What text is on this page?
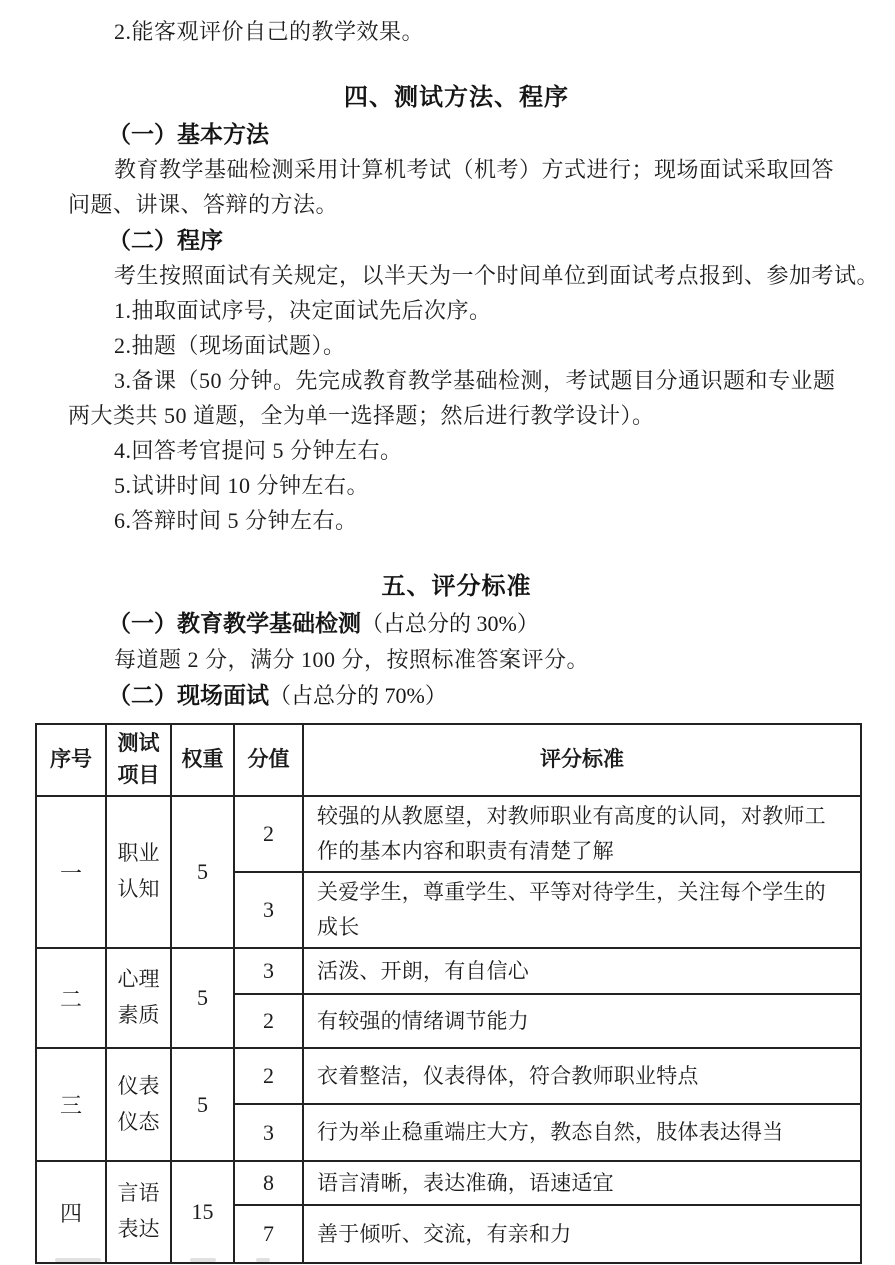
2.能客观评价自己的教学效果。

四、测试方法、程序
（一）基本方法

教育教学基础检测采用计算机考试（机考）方式进行；现场面试采取回答问题、讲课、答辩的方法。

（二）程序

考生按照面试有关规定，以半天为一个时间单位到面试考点报到、参加考试。

1.抽取面试序号，决定面试先后次序。

2.抽题（现场面试题）。

3.备课（50 分钟。先完成教育教学基础检测，考试题目分通识题和专业题两大类共 50 道题，全为单一选择题；然后进行教学设计）。

4.回答考官提问 5 分钟左右。

5.试讲时间 10 分钟左右。

6.答辩时间 5 分钟左右。

五、评分标准
（一）教育教学基础检测（占总分的 30%）

每道题 2 分，满分 100 分，按照标准答案评分。

（二）现场面试（占总分的 70%）
序号	测试项目	权重	分值	评分标准
一	职业认知	5	2	较强的从教愿望，对教师职业有高度的认同，对教师工作的基本内容和职责有清楚了解
			3	关爱学生，尊重学生、平等对待学生，关注每个学生的成长
二	心理素质	5	3	活泼、开朗，有自信心
			2	有较强的情绪调节能力
三	仪表仪态	5	2	衣着整洁，仪表得体，符合教师职业特点
			3	行为举止稳重端庄大方，教态自然，肢体表达得当
四	言语表达	15	8	语言清晰，表达准确，语速适宜
			7	善于倾听、交流，有亲和力
